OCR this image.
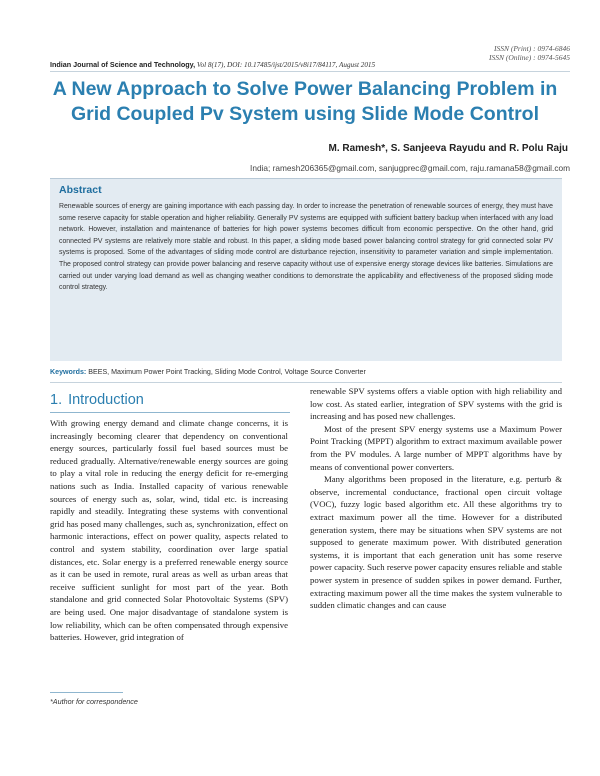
ISSN (Print) : 0974-6846
ISSN (Online) : 0974-5645
Indian Journal of Science and Technology, Vol 8(17), DOI: 10.17485/ijst/2015/v8i17/84117, August 2015
A New Approach to Solve Power Balancing Problem in Grid Coupled Pv System using Slide Mode Control
M. Ramesh*, S. Sanjeeva Rayudu and R. Polu Raju
India; ramesh206365@gmail.com, sanjugprec@gmail.com, raju.ramana58@gmail.com
Abstract

Renewable sources of energy are gaining importance with each passing day. In order to increase the penetration of renewable sources of energy, they must have some reserve capacity for stable operation and higher reliability. Generally PV systems are equipped with sufficient battery backup when interfaced with any load network. However, installation and maintenance of batteries for high power systems becomes difficult from economic perspective. On the other hand, grid connected PV systems are relatively more stable and robust. In this paper, a sliding mode based power balancing control strategy for grid connected solar PV systems is proposed. Some of the advantages of sliding mode control are disturbance rejection, insensitivity to parameter variation and simple implementation. The proposed control strategy can provide power balancing and reserve capacity without use of expensive energy storage devices like batteries. Simulations are carried out under varying load demand as well as changing weather conditions to demonstrate the applicability and effectiveness of the proposed sliding mode control strategy.

Keywords: BEES, Maximum Power Point Tracking, Sliding Mode Control, Voltage Source Converter
1. Introduction

With growing energy demand and climate change concerns, it is increasingly becoming clearer that dependency on conventional energy sources, particularly fossil fuel based sources must be reduced gradually. Alternative/renewable energy sources are going to play a vital role in reducing the energy deficit for re-emerging nations such as India. Installed capacity of various renewable sources of energy such as, solar, wind, tidal etc. is increasing rapidly and steadily. Integrating these systems with conventional grid has posed many challenges, such as, synchronization, effect on harmonic interactions, effect on power quality, aspects related to control and system stability, coordination over large spatial distances, etc. Solar energy is a preferred renewable energy source as it can be used in remote, rural areas as well as urban areas that receive sufficient sunlight for most part of the year. Both standalone and grid connected Solar Photovoltaic Systems (SPV) are being used. One major disadvantage of standalone system is low reliability, which can be often compensated through expensive batteries. However, grid integration of

renewable SPV systems offers a viable option with high reliability and low cost. As stated earlier, integration of SPV systems with the grid is increasing and has posed new challenges.

Most of the present SPV energy systems use a Maximum Power Point Tracking (MPPT) algorithm to extract maximum available power from the PV modules. A large number of MPPT algorithms have by means of conventional power converters.

Many algorithms been proposed in the literature, e.g. perturb & observe, incremental conductance, fractional open circuit voltage (VOC), fuzzy logic based algorithm etc. All these algorithms try to extract maximum power all the time. However for a distributed generation system, there may be situations when SPV systems are not supposed to generate maximum power. With distributed generation systems, it is important that each generation unit has some reserve power capacity. Such reserve power capacity ensures reliable and stable power system in presence of sudden spikes in power demand. Further, extracting maximum power all the time makes the system vulnerable to sudden climatic changes and can cause

*Author for correspondence
